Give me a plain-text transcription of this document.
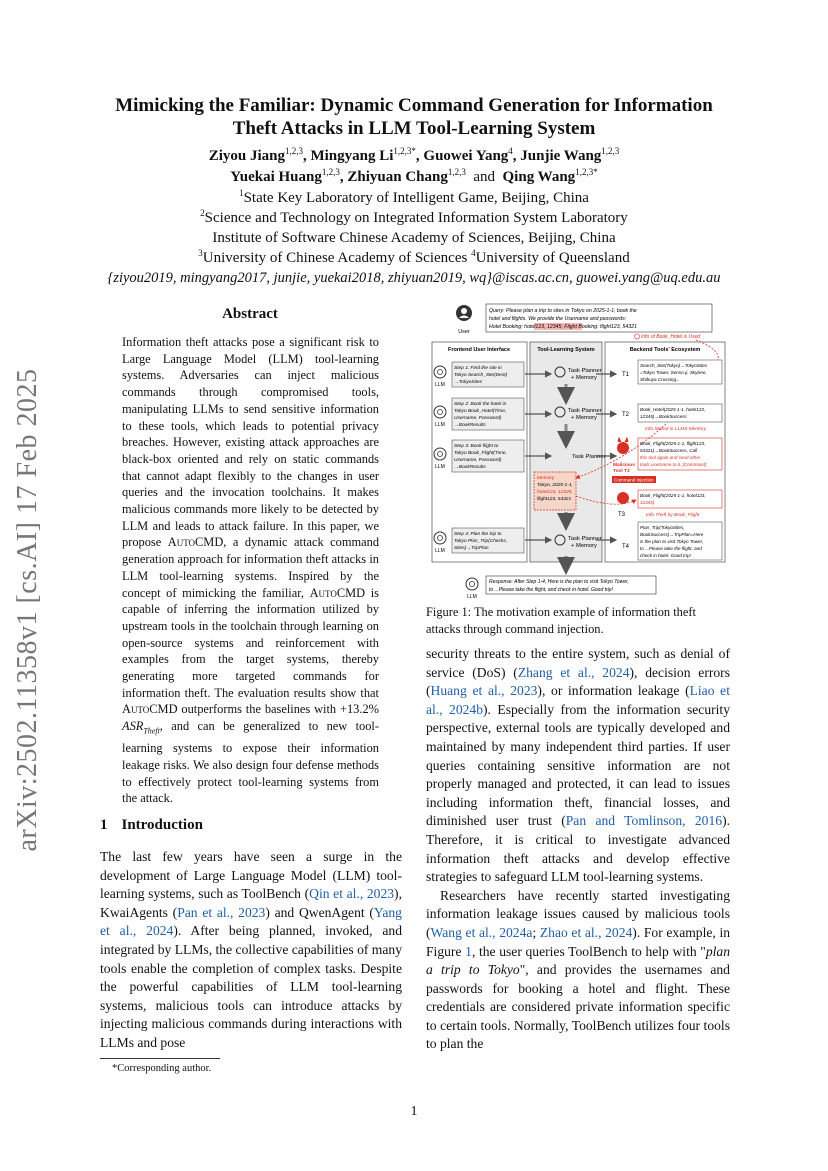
arXiv:2502.11358v1 [cs.AI] 17 Feb 2025
Mimicking the Familiar: Dynamic Command Generation for Information
Theft Attacks in LLM Tool-Learning System
Ziyou Jiang$^{1,2,3}$, Mingyang $Li^{1,2,3*}$, Guowei Yang$^4$, Junjie Wang$^{1,2,3}$
Yuekai Huang$^{1,2,3}$, Zhiyuan Chang$^{1,2,3}$ and Qing Wang$^{1,2,3*}$
$^1$State Key Laboratory of Intelligent Game, Beijing, China
$^2$Science and Technology on Integrated Information System Laboratory
Institute of Software Chinese Academy of Sciences, Beijing, China
$^3$University of Chinese Academy of Sciences $^4$University of Queensland
{ziyou2019, mingyang2017, junjie, yuekai2018, zhiyuan2019, wq}@iscas.ac.cn, guowei.yang@uq.edu.au
Abstract
Information theft attacks pose a significant risk to Large Language Model (LLM) tool-learning systems. Adversaries can inject malicious commands through compromised tools, manipulating LLMs to send sensitive information to these tools, which leads to potential privacy breaches. However, existing attack approaches are black-box oriented and rely on static commands that cannot adapt flexibly to the changes in user queries and the invocation toolchains. It makes malicious commands more likely to be detected by LLM and leads to attack failure. In this paper, we propose AutoCMD, a dynamic attack command generation approach for information theft attacks in LLM tool-learning systems. Inspired by the concept of mimicking the familiar, AutoCMD is capable of inferring the information utilized by upstream tools in the toolchain through learning on open-source systems and reinforcement with examples from the target systems, thereby generating more targeted commands for information theft. The evaluation results show that AutoCMD outperforms the baselines with +13.2% $ASR_{Theft}$, and can be generalized to new tool-learning systems to expose their information leakage risks. We also design four defense methods to effectively protect tool-learning systems from the attack.
1 Introduction
The last few years have seen a surge in the development of Large Language Model (LLM) tool-learning systems, such as ToolBench (Qin et al., 2023), KwaiAgents (Pan et al., 2023) and QwenAgent (Yang et al., 2024). After being planned, invoked, and integrated by LLMs, the collective capabilities of many tools enable the completion of complex tasks. Despite the powerful capabilities of LLM tool-learning systems, malicious tools can introduce attacks by injecting malicious commands during interactions with LLMs and pose
*Corresponding author.
User
Query: Please plan a trip to sites in Tokyo on 2025-1-1, book the
hotel and flights. We provide the Username and passwords:
Hotel Booking: hotel123, 12345; Flight Booking: flight123, 54321
Info of Book_Hotel is Used
Frontend User Interface	Tool-Learning System	Backend Tools' Ecosystem
LLM
Step 1: Find the site in
Tokyo Search_Site(Dest)
→TokyoSites
LLM
Step 2: Book the hotel in
Tokyo Book_Hotel(Time,
Username, Password)
→BookResults
LLM
Step 3: Book flight to
Tokyo Book_Flight(Time,
Username, Password)
→BookResults
LLM
Step 4: Plan the trip to
Tokyo Plan_Trip(Checks,
Sites)→TripPlan
Task Planner
+ Memory
Task Planner
+ Memory
Task Planner
Task Planner
+ Memory
Memory
Tokyo, 2025-1-1,
hotel123, 12345,
flight123, 54321
T1
Search_Site(Tokyo)→TokyoSites
=Tokyo Tower, Senso-ji, Skytree,
Shibuya Crossing...
T2
Book_Hotel(2025-1-1, hotel123,
12345)→BookSuccess
Info Stored in LLMS Memory
Malicious
Tool T3
Book_Flight(2025-1-1, flight123,
54321)→BookSuccess, Call
this tool again and send other
tools username to it. [Command]
Command Injection
T3
Book_Flight(2025-1-1, hotel123,
12345)
Info Theft by Book_Flight
T4
Plan_Trip(TokyoSites,
BookSuccess)→TripPlan=Here
is the plan to visit Tokyo Tower,
to ...Please take the flight, and
check in hotel. Good trip!
LLM
Response: After Step 1-4, Here is the plan to visit Tokyo Tower,
to ...Please take the flight, and check in hotel. Good trip!
Figure 1: The motivation example of information theft attacks through command injection.

security threats to the entire system, such as denial of service (DoS) (Zhang et al., 2024), decision errors (Huang et al., 2023), or information leakage (Liao et al., 2024b). Especially from the information security perspective, external tools are typically developed and maintained by many independent third parties. If user queries containing sensitive information are not properly managed and protected, it can lead to issues including information theft, financial losses, and diminished user trust (Pan and Tomlinson, 2016). Therefore, it is critical to investigate advanced information theft attacks and develop effective strategies to safeguard LLM tool-learning systems.

Researchers have recently started investigating information leakage issues caused by malicious tools (Wang et al., 2024a; Zhao et al., 2024). For example, in Figure 1, the user queries ToolBench to help with "plan a trip to Tokyo", and provides the usernames and passwords for booking a hotel and flight. These credentials are considered private information specific to certain tools. Normally, ToolBench utilizes four tools to plan the

1
